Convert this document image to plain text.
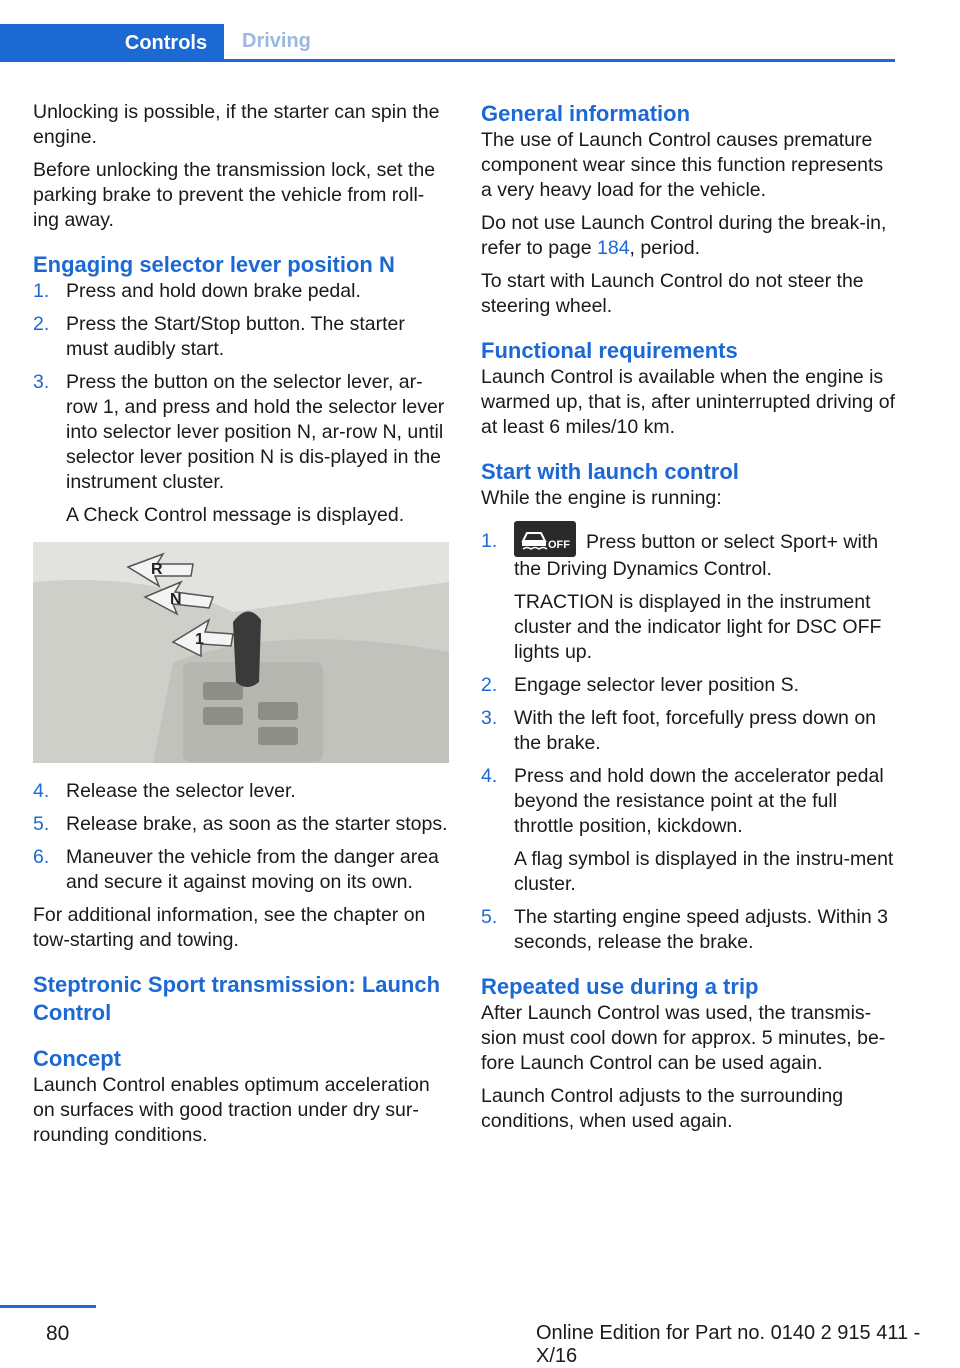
Controls Driving

Unlocking is possible, if the starter can spin the engine.

Before unlocking the transmission lock, set the parking brake to prevent the vehicle from roll‐ing away.

Engaging selector lever position N
1. Press and hold down brake pedal.
2. Press the Start/Stop button. The starter must audibly start.
3. Press the button on the selector lever, ar‐row 1, and press and hold the selector lever into selector lever position N, ar‐row N, until selector lever position N is dis‐played in the instrument cluster.
A Check Control message is displayed.
R
N
1
4. Release the selector lever.
5. Release brake, as soon as the starter stops.
6. Maneuver the vehicle from the danger area and secure it against moving on its own.

For additional information, see the chapter on tow-starting and towing.

Steptronic Sport transmission: Launch Control
Concept

Launch Control enables optimum acceleration on surfaces with good traction under dry sur‐rounding conditions.

General information

The use of Launch Control causes premature component wear since this function represents a very heavy load for the vehicle.

Do not use Launch Control during the break-in, refer to page 184, period.

To start with Launch Control do not steer the steering wheel.

Functional requirements

Launch Control is available when the engine is warmed up, that is, after uninterrupted driving of at least 6 miles/10 km.

Start with launch control

While the engine is running:

1.	OFF Press button or select Sport+ with the Driving Dynamics Control.
TRACTION is displayed in the instrument cluster and the indicator light for DSC OFF lights up.
2. Engage selector lever position S.
3. With the left foot, forcefully press down on the brake.
4. Press and hold down the accelerator pedal beyond the resistance point at the full throttle position, kickdown.
A flag symbol is displayed in the instru‐ment cluster.
5. The starting engine speed adjusts. Within 3 seconds, release the brake.
Repeated use during a trip

After Launch Control was used, the transmis‐sion must cool down for approx. 5 minutes, be‐fore Launch Control can be used again.

Launch Control adjusts to the surrounding conditions, when used again.

80	Online Edition for Part no. 0140 2 915 411 - X/16
